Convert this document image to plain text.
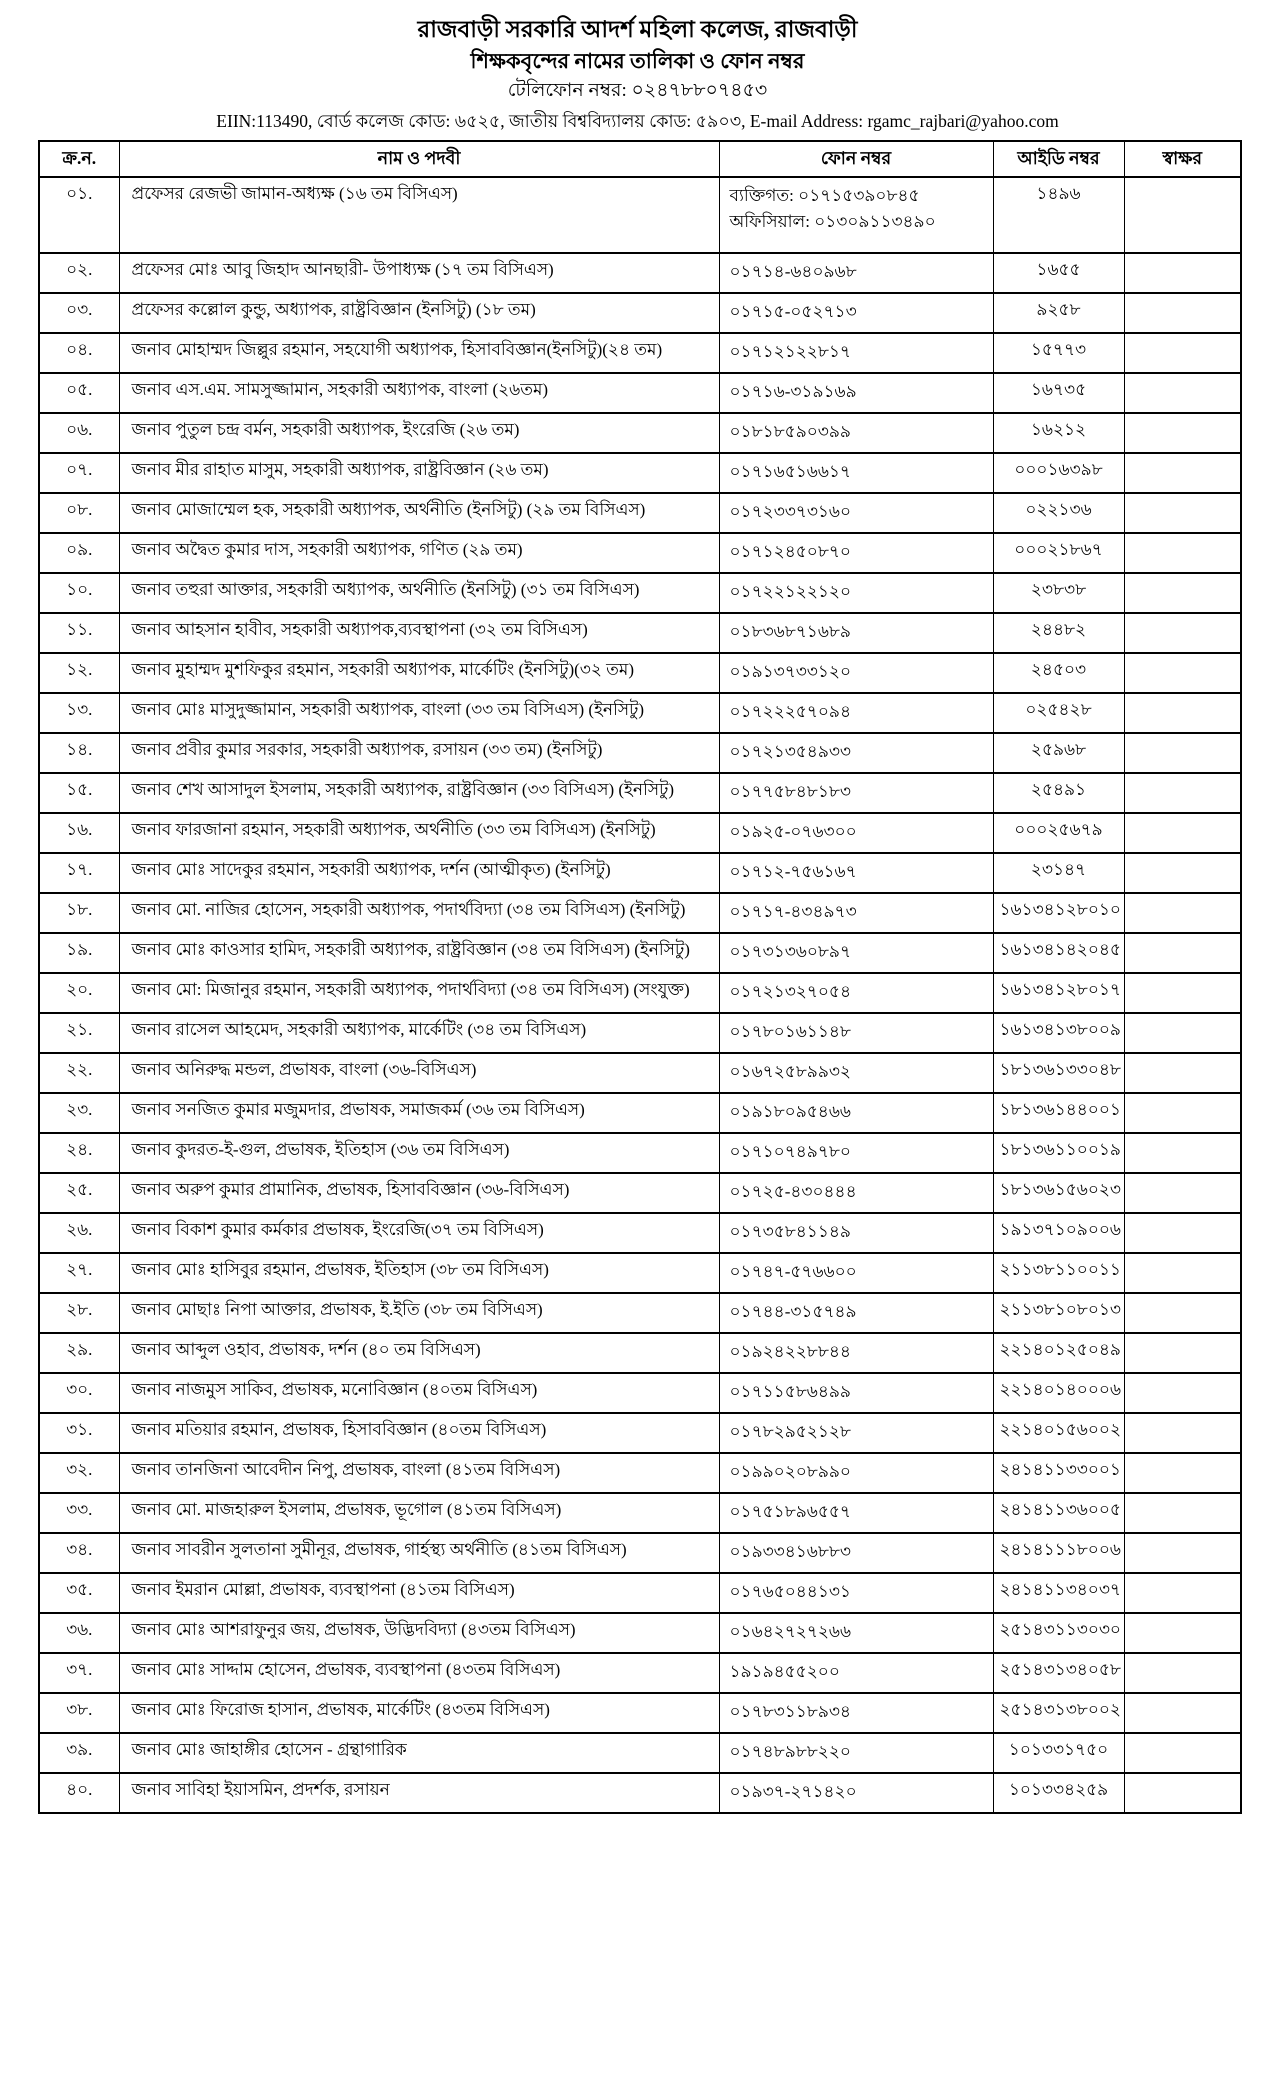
রাজবাড়ী সরকারি আদর্শ মহিলা কলেজ, রাজবাড়ী
শিক্ষকবৃন্দের নামের তালিকা ও ফোন নম্বর
টেলিফোন নম্বর: ০২৪৭৮৮০৭৪৫৩
EIIN:113490, বোর্ড কলেজ কোড: ৬৫২৫, জাতীয় বিশ্ববিদ্যালয় কোড: ৫৯০৩, E-mail Address: rgamc_rajbari@yahoo.com
ক্র.ন.	নাম ও পদবী	ফোন নম্বর	আইডি নম্বর	স্বাক্ষর
০১.	প্রফেসর রেজভী জামান-অধ্যক্ষ (১৬ তম বিসিএস)	ব্যক্তিগত: ০১৭১৫৩৯০৮৪৫
অফিসিয়াল: ০১৩০৯১১৩৪৯০	১৪৯৬	
০২.	প্রফেসর মোঃ আবু জিহাদ আনছারী- উপাধ্যক্ষ (১৭ তম বিসিএস)	০১৭১৪-৬৪০৯৬৮	১৬৫৫	
০৩.	প্রফেসর কল্লোল কুন্ডু, অধ্যাপক, রাষ্ট্রবিজ্ঞান (ইনসিটু) (১৮ তম)	০১৭১৫-০৫২৭১৩	৯২৫৮	
০৪.	জনাব মোহাম্মদ জিল্লুর রহমান, সহযোগী অধ্যাপক, হিসাববিজ্ঞান(ইনসিটু)(২৪ তম)	০১৭১২১২২৮১৭	১৫৭৭৩	
০৫.	জনাব এস.এম. সামসুজ্জামান, সহকারী অধ্যাপক, বাংলা (২৬তম)	০১৭১৬-৩১৯১৬৯	১৬৭৩৫	
০৬.	জনাব পুতুল চন্দ্র বর্মন, সহকারী অধ্যাপক, ইংরেজি (২৬ তম)	০১৮১৮৫৯০৩৯৯	১৬২১২	
০৭.	জনাব মীর রাহাত মাসুম, সহকারী অধ্যাপক, রাষ্ট্রবিজ্ঞান (২৬ তম)	০১৭১৬৫১৬৬১৭	০০০১৬৩৯৮	
০৮.	জনাব মোজাম্মেল হক, সহকারী অধ্যাপক, অর্থনীতি (ইনসিটু) (২৯ তম বিসিএস)	০১৭২৩৩৭৩১৬০	০২২১৩৬	
০৯.	জনাব অদ্বৈত কুমার দাস, সহকারী অধ্যাপক, গণিত (২৯ তম)	০১৭১২৪৫০৮৭০	০০০২১৮৬৭	
১০.	জনাব তহুরা আক্তার, সহকারী অধ্যাপক, অর্থনীতি (ইনসিটু) (৩১ তম বিসিএস)	০১৭২২১২২১২০	২৩৮৩৮	
১১.	জনাব আহসান হাবীব, সহকারী অধ্যাপক,ব্যবস্থাপনা (৩২ তম বিসিএস)	০১৮৩৬৮৭১৬৮৯	২৪৪৮২	
১২.	জনাব মুহাম্মদ মুশফিকুর রহমান, সহকারী অধ্যাপক, মার্কেটিং (ইনসিটু)(৩২ তম)	০১৯১৩৭৩৩১২০	২৪৫০৩	
১৩.	জনাব মোঃ মাসুদুজ্জামান, সহকারী অধ্যাপক, বাংলা (৩৩ তম বিসিএস) (ইনসিটু)	০১৭২২২৫৭০৯৪	০২৫৪২৮	
১৪.	জনাব প্রবীর কুমার সরকার, সহকারী অধ্যাপক, রসায়ন (৩৩ তম) (ইনসিটু)	০১৭২১৩৫৪৯৩৩	২৫৯৬৮	
১৫.	জনাব শেখ আসাদুল ইসলাম, সহকারী অধ্যাপক, রাষ্ট্রবিজ্ঞান (৩৩ বিসিএস) (ইনসিটু)	০১৭৭৫৮৪৮১৮৩	২৫৪৯১	
১৬.	জনাব ফারজানা রহমান, সহকারী অধ্যাপক, অর্থনীতি (৩৩ তম বিসিএস) (ইনসিটু)	০১৯২৫-০৭৬৩০০	০০০২৫৬৭৯	
১৭.	জনাব মোঃ সাদেকুর রহমান, সহকারী অধ্যাপক, দর্শন (আত্মীকৃত) (ইনসিটু)	০১৭১২-৭৫৬১৬৭	২৩১৪৭	
১৮.	জনাব মো. নাজির হোসেন, সহকারী অধ্যাপক, পদার্থবিদ্যা (৩৪ তম বিসিএস) (ইনসিটু)	০১৭১৭-৪৩৪৯৭৩	১৬১৩৪১২৮০১০	
১৯.	জনাব মোঃ কাওসার হামিদ, সহকারী অধ্যাপক, রাষ্ট্রবিজ্ঞান (৩৪ তম বিসিএস) (ইনসিটু)	০১৭৩১৩৬০৮৯৭	১৬১৩৪১৪২০৪৫	
২০.	জনাব মো: মিজানুর রহমান, সহকারী অধ্যাপক, পদার্থবিদ্যা (৩৪ তম বিসিএস) (সংযুক্ত)	০১৭২১৩২৭০৫৪	১৬১৩৪১২৮০১৭	
২১.	জনাব রাসেল আহমেদ, সহকারী অধ্যাপক, মার্কেটিং (৩৪ তম বিসিএস)	০১৭৮০১৬১১৪৮	১৬১৩৪১৩৮০০৯	
২২.	জনাব অনিরুদ্ধ মন্ডল, প্রভাষক, বাংলা (৩৬-বিসিএস)	০১৬৭২৫৮৯৯৩২	১৮১৩৬১৩৩০৪৮	
২৩.	জনাব সনজিত কুমার মজুমদার, প্রভাষক, সমাজকর্ম (৩৬ তম বিসিএস)	০১৯১৮০৯৫৪৬৬	১৮১৩৬১৪৪০০১	
২৪.	জনাব কুদরত-ই-গুল, প্রভাষক, ইতিহাস (৩৬ তম বিসিএস)	০১৭১০৭৪৯৭৮০	১৮১৩৬১১০০১৯	
২৫.	জনাব অরুপ কুমার প্রামানিক, প্রভাষক, হিসাববিজ্ঞান (৩৬-বিসিএস)	০১৭২৫-৪৩০৪৪৪	১৮১৩৬১৫৬০২৩	
২৬.	জনাব বিকাশ কুমার কর্মকার প্রভাষক, ইংরেজি(৩৭ তম বিসিএস)	০১৭৩৫৮৪১১৪৯	১৯১৩৭১০৯০০৬	
২৭.	জনাব মোঃ হাসিবুর রহমান, প্রভাষক, ইতিহাস (৩৮ তম বিসিএস)	০১৭৪৭-৫৭৬৬০০	২১১৩৮১১০০১১	
২৮.	জনাব মোছাঃ নিপা আক্তার, প্রভাষক, ই.ইতি (৩৮ তম বিসিএস)	০১৭৪৪-৩১৫৭৪৯	২১১৩৮১০৮০১৩	
২৯.	জনাব আব্দুল ওহাব, প্রভাষক, দর্শন (৪০ তম বিসিএস)	০১৯২৪২২৮৮৪৪	২২১৪০১২৫০৪৯	
৩০.	জনাব নাজমুস সাকিব, প্রভাষক, মনোবিজ্ঞান (৪০তম বিসিএস)	০১৭১১৫৮৬৪৯৯	২২১৪০১৪০০০৬	
৩১.	জনাব মতিয়ার রহমান, প্রভাষক, হিসাববিজ্ঞান (৪০তম বিসিএস)	০১৭৮২৯৫২১২৮	২২১৪০১৫৬০০২	
৩২.	জনাব তানজিনা আবেদীন নিপু, প্রভাষক, বাংলা (৪১তম বিসিএস)	০১৯৯০২০৮৯৯০	২৪১৪১১৩৩০০১	
৩৩.	জনাব মো. মাজহারুল ইসলাম, প্রভাষক, ভূগোল (৪১তম বিসিএস)	০১৭৫১৮৯৬৫৫৭	২৪১৪১১৩৬০০৫	
৩৪.	জনাব সাবরীন সুলতানা সুমীনূর, প্রভাষক, গার্হস্থ্য অর্থনীতি (৪১তম বিসিএস)	০১৯৩৩৪১৬৮৮৩	২৪১৪১১১৮০০৬	
৩৫.	জনাব ইমরান মোল্লা, প্রভাষক, ব্যবস্থাপনা (৪১তম বিসিএস)	০১৭৬৫০৪৪১৩১	২৪১৪১১৩৪০৩৭	
৩৬.	জনাব মোঃ আশরাফুনুর জয়, প্রভাষক, উদ্ভিদবিদ্যা (৪৩তম বিসিএস)	০১৬৪২৭২৭২৬৬	২৫১৪৩১১৩০৩০	
৩৭.	জনাব মোঃ সাদ্দাম হোসেন, প্রভাষক, ব্যবস্থাপনা (৪৩তম বিসিএস)	১৯১৯৪৫৫২০০	২৫১৪৩১৩৪০৫৮	
৩৮.	জনাব মোঃ ফিরোজ হাসান, প্রভাষক, মার্কেটিং (৪৩তম বিসিএস)	০১৭৮৩১১৮৯৩৪	২৫১৪৩১৩৮০০২	
৩৯.	জনাব মোঃ জাহাঙ্গীর হোসেন - গ্রন্থাগারিক	০১৭৪৮৯৮৮২২০	১০১৩৩১৭৫০	
৪০.	জনাব সাবিহা ইয়াসমিন, প্রদর্শক, রসায়ন	০১৯৩৭-২৭১৪২০	১০১৩৩৪২৫৯	
